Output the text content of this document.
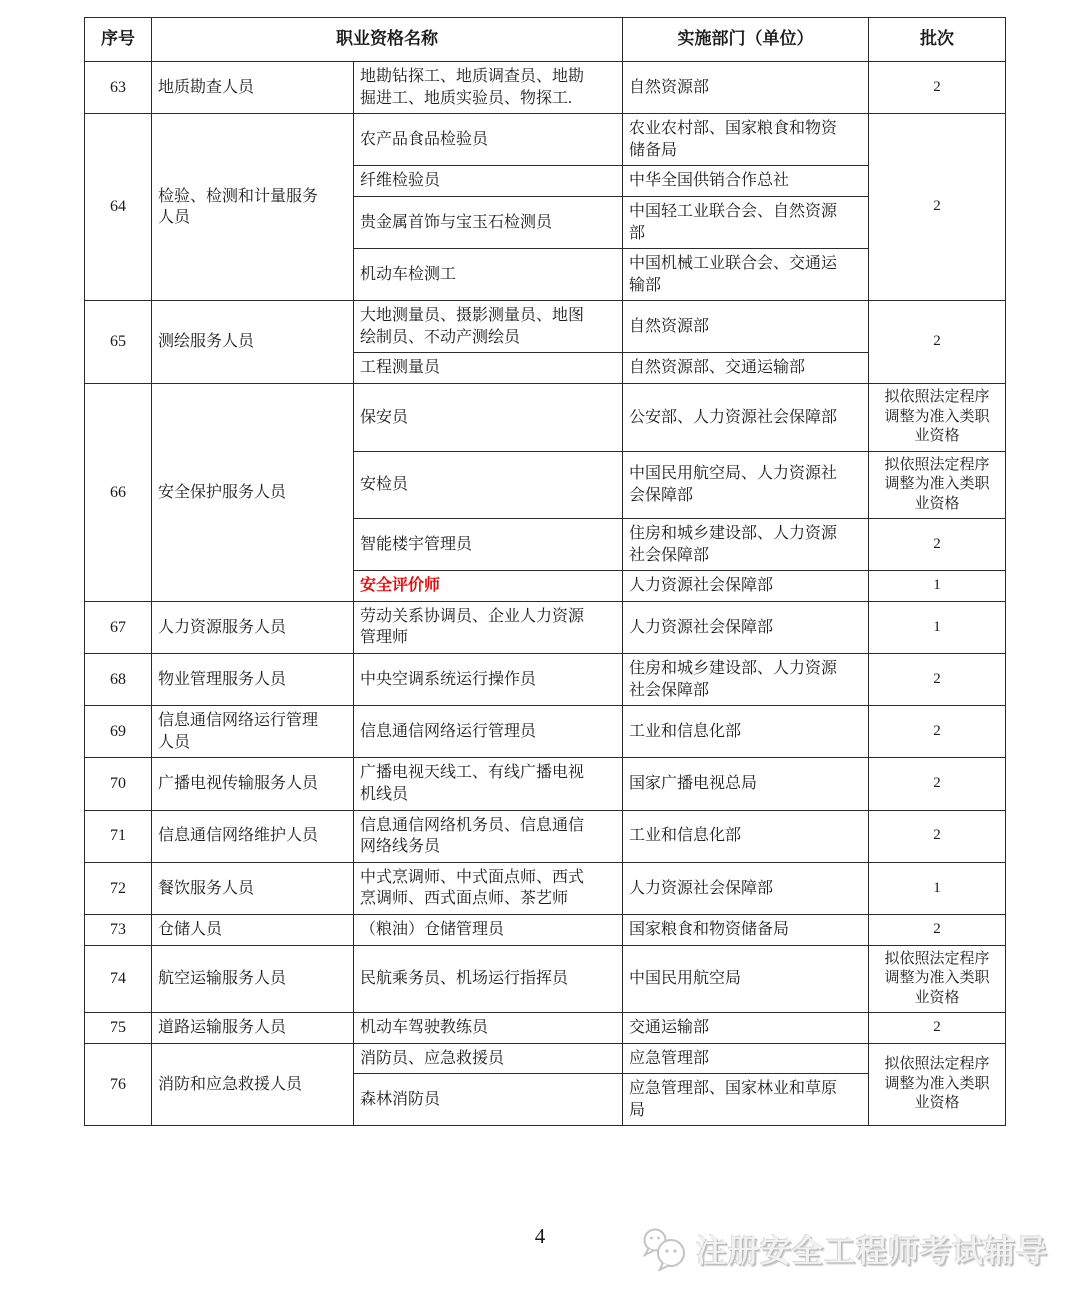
序号	职业资格名称		实施部门（单位）	批次
63	地质勘查人员	地勘钻探工、地质调查员、地勘掘进工、地质实验员、物探工.	自然资源部	2
64	检验、检测和计量服务人员	农产品食品检验员	农业农村部、国家粮食和物资储备局	2
		纤维检验员	中华全国供销合作总社	
		贵金属首饰与宝玉石检测员	中国轻工业联合会、自然资源部	
		机动车检测工	中国机械工业联合会、交通运输部	
65	测绘服务人员	大地测量员、摄影测量员、地图绘制员、不动产测绘员	自然资源部	2
		工程测量员	自然资源部、交通运输部	
66	安全保护服务人员	保安员	公安部、人力资源社会保障部	拟依照法定程序调整为准入类职业资格
		安检员	中国民用航空局、人力资源社会保障部	拟依照法定程序调整为准入类职业资格
		智能楼宇管理员	住房和城乡建设部、人力资源社会保障部	2
		安全评价师	人力资源社会保障部	1
67	人力资源服务人员	劳动关系协调员、企业人力资源管理师	人力资源社会保障部	1
68	物业管理服务人员	中央空调系统运行操作员	住房和城乡建设部、人力资源社会保障部	2
69	信息通信网络运行管理人员	信息通信网络运行管理员	工业和信息化部	2
70	广播电视传输服务人员	广播电视天线工、有线广播电视机线员	国家广播电视总局	2
71	信息通信网络维护人员	信息通信网络机务员、信息通信网络线务员	工业和信息化部	2
72	餐饮服务人员	中式烹调师、中式面点师、西式烹调师、西式面点师、茶艺师	人力资源社会保障部	1
73	仓储人员	（粮油）仓储管理员	国家粮食和物资储备局	2
74	航空运输服务人员	民航乘务员、机场运行指挥员	中国民用航空局	拟依照法定程序调整为准入类职业资格
75	道路运输服务人员	机动车驾驶教练员	交通运输部	2
76	消防和应急救援人员	消防员、应急救援员	应急管理部	拟依照法定程序调整为准入类职业资格
		森林消防员	应急管理部、国家林业和草原局	
4	注册安全工程师考试辅导
